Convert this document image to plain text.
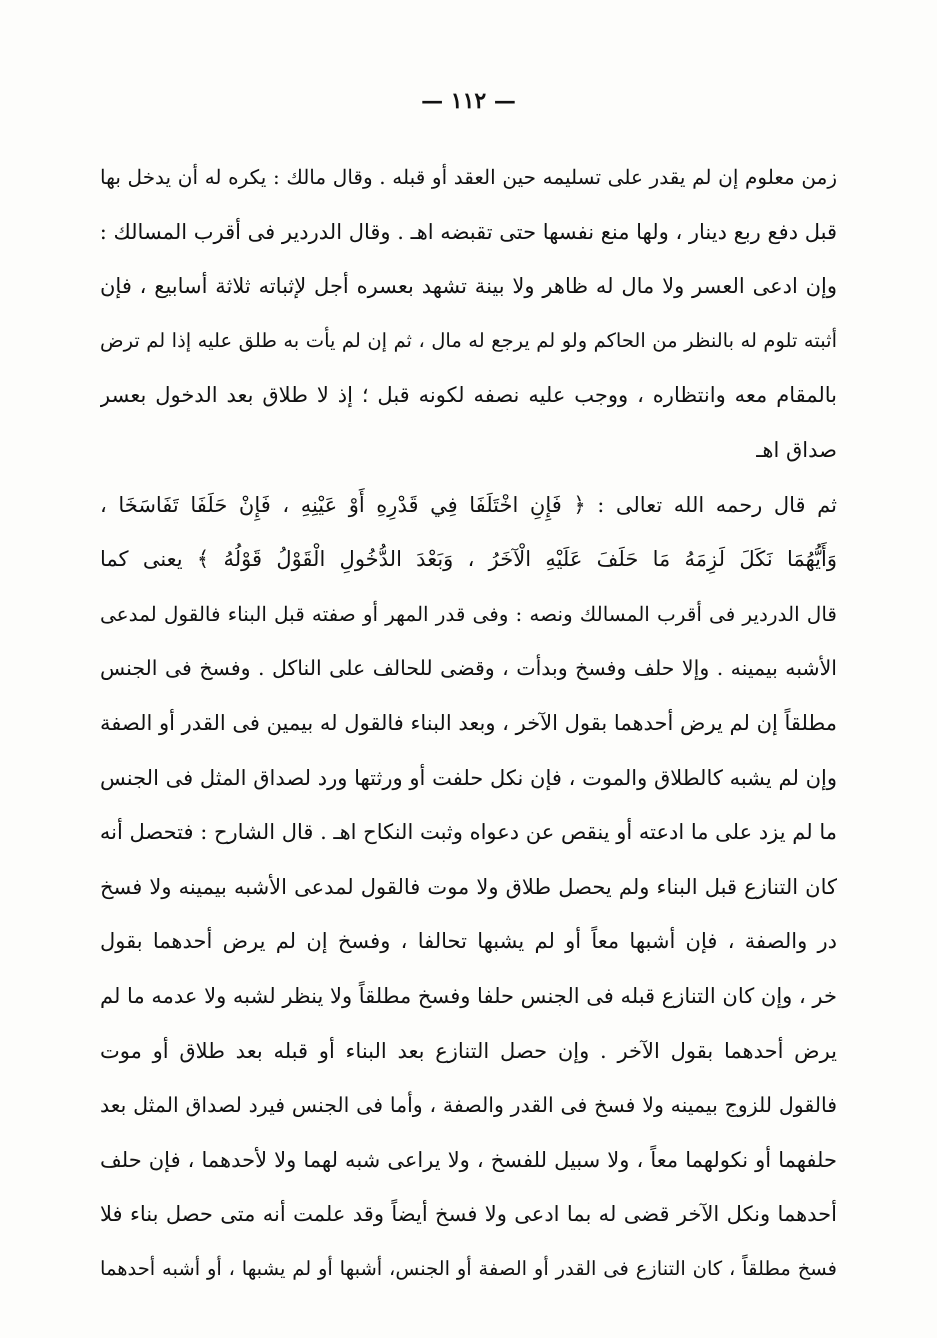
— ١١٢ —
زمن معلوم إن لم يقدر على تسليمه حين العقد أو قبله . وقال مالك : يكره له أن يدخل بها
قبل دفع ربع دينار ، ولها منع نفسها حتى تقبضه اهـ . وقال الدردير فى أقرب المسالك :
وإن ادعى العسر ولا مال له ظاهر ولا بينة تشهد بعسره أجل لإثباته ثلاثة أسابيع ، فإن
أثبته تلوم له بالنظر من الحاكم ولو لم يرجع له مال ، ثم إن لم يأت به طلق عليه إذا لم ترض
بالمقام معه وانتظاره ، ووجب عليه نصفه لكونه قبل ؛ إذ لا طلاق بعد الدخول بعسر
صداق اهـ
ثم قال رحمه الله تعالى : ﴿ فَإِنِ اخْتَلَفَا فِي قَدْرِهِ أَوْ عَيْنِهِ ، فَإِنْ حَلَفَا تَفَاسَخَا ،
وَأَيُّهُمَا نَكَلَ لَزِمَهُ مَا حَلَفَ عَلَيْهِ الْآخَرُ ، وَبَعْدَ الدُّخُولِ الْقَوْلُ قَوْلُهُ ﴾ يعنى كما
قال الدردير فى أقرب المسالك ونصه : وفى قدر المهر أو صفته قبل البناء فالقول لمدعى
الأشبه بيمينه . وإلا حلف وفسخ وبدأت ، وقضى للحالف على الناكل . وفسخ فى الجنس
مطلقاً إن لم يرض أحدهما بقول الآخر ، وبعد البناء فالقول له بيمين فى القدر أو الصفة
وإن لم يشبه كالطلاق والموت ، فإن نكل حلفت أو ورثتها ورد لصداق المثل فى الجنس
ما لم يزد على ما ادعته أو ينقص عن دعواه وثبت النكاح اهـ . قال الشارح : فتحصل أنه
كان التنازع قبل البناء ولم يحصل طلاق ولا موت فالقول لمدعى الأشبه بيمينه ولا فسخ
در والصفة ، فإن أشبها معاً أو لم يشبها تحالفا ، وفسخ إن لم يرض أحدهما بقول
خر ، وإن كان التنازع قبله فى الجنس حلفا وفسخ مطلقاً ولا ينظر لشبه ولا عدمه ما لم
يرض أحدهما بقول الآخر . وإن حصل التنازع بعد البناء أو قبله بعد طلاق أو موت
فالقول للزوج بيمينه ولا فسخ فى القدر والصفة ، وأما فى الجنس فيرد لصداق المثل بعد
حلفهما أو نكولهما معاً ، ولا سبيل للفسخ ، ولا يراعى شبه لهما ولا لأحدهما ، فإن حلف
أحدهما ونكل الآخر قضى له بما ادعى ولا فسخ أيضاً وقد علمت أنه متى حصل بناء فلا
فسخ مطلقاً ، كان التنازع فى القدر أو الصفة أو الجنس، أشبها أو لم يشبها ، أو أشبه أحدهما
